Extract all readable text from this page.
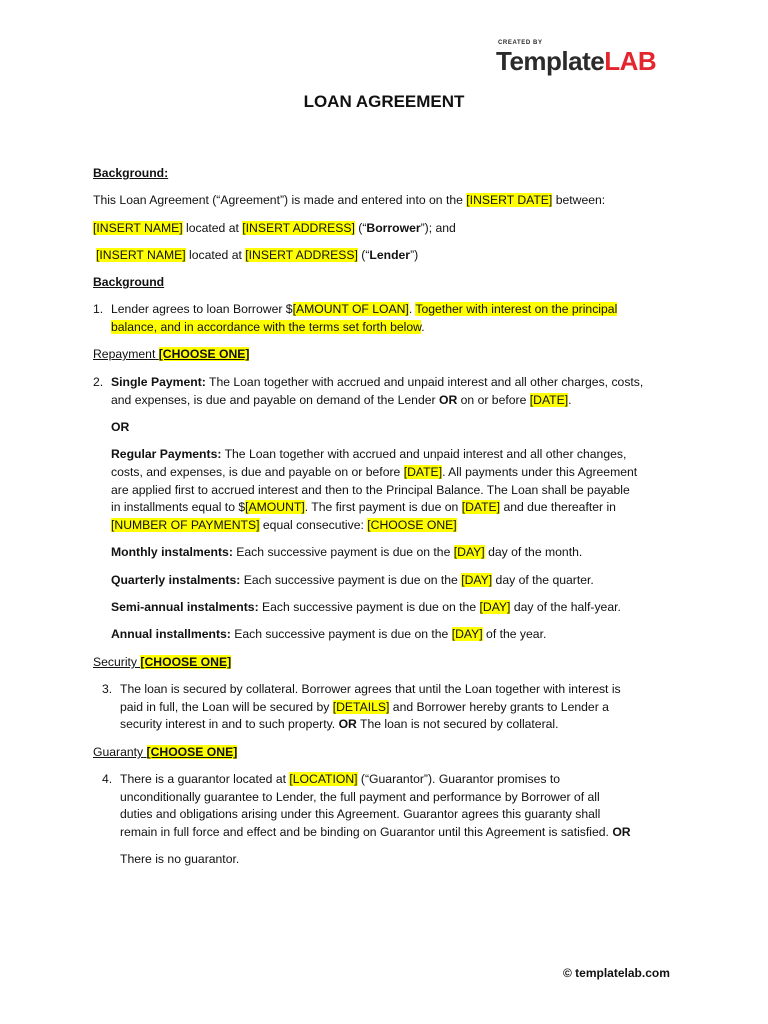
CREATED BY
TemplateLAB
LOAN AGREEMENT
Background:
This Loan Agreement (“Agreement”) is made and entered into on the [INSERT DATE] between:
[INSERT NAME] located at [INSERT ADDRESS] (“Borrower”); and
[INSERT NAME] located at [INSERT ADDRESS] (“Lender”)
Background
1. Lender agrees to loan Borrower $[AMOUNT OF LOAN]. Together with interest on the principal
balance, and in accordance with the terms set forth below.
Repayment [CHOOSE ONE]
2. Single Payment: The Loan together with accrued and unpaid interest and all other charges, costs,
and expenses, is due and payable on demand of the Lender OR on or before [DATE].
OR
Regular Payments: The Loan together with accrued and unpaid interest and all other changes,
costs, and expenses, is due and payable on or before [DATE]. All payments under this Agreement
are applied first to accrued interest and then to the Principal Balance. The Loan shall be payable
in installments equal to $[AMOUNT]. The first payment is due on [DATE] and due thereafter in
[NUMBER OF PAYMENTS] equal consecutive: [CHOOSE ONE]
Monthly instalments: Each successive payment is due on the [DAY] day of the month.
Quarterly instalments: Each successive payment is due on the [DAY] day of the quarter.
Semi-annual instalments: Each successive payment is due on the [DAY] day of the half-year.
Annual installments: Each successive payment is due on the [DAY] of the year.
Security [CHOOSE ONE]
3. The loan is secured by collateral. Borrower agrees that until the Loan together with interest is
paid in full, the Loan will be secured by [DETAILS] and Borrower hereby grants to Lender a
security interest in and to such property. OR The loan is not secured by collateral.
Guaranty [CHOOSE ONE]
4. There is a guarantor located at [LOCATION] (“Guarantor”). Guarantor promises to
unconditionally guarantee to Lender, the full payment and performance by Borrower of all
duties and obligations arising under this Agreement. Guarantor agrees this guaranty shall
remain in full force and effect and be binding on Guarantor until this Agreement is satisfied. OR
There is no guarantor.
© templatelab.com
